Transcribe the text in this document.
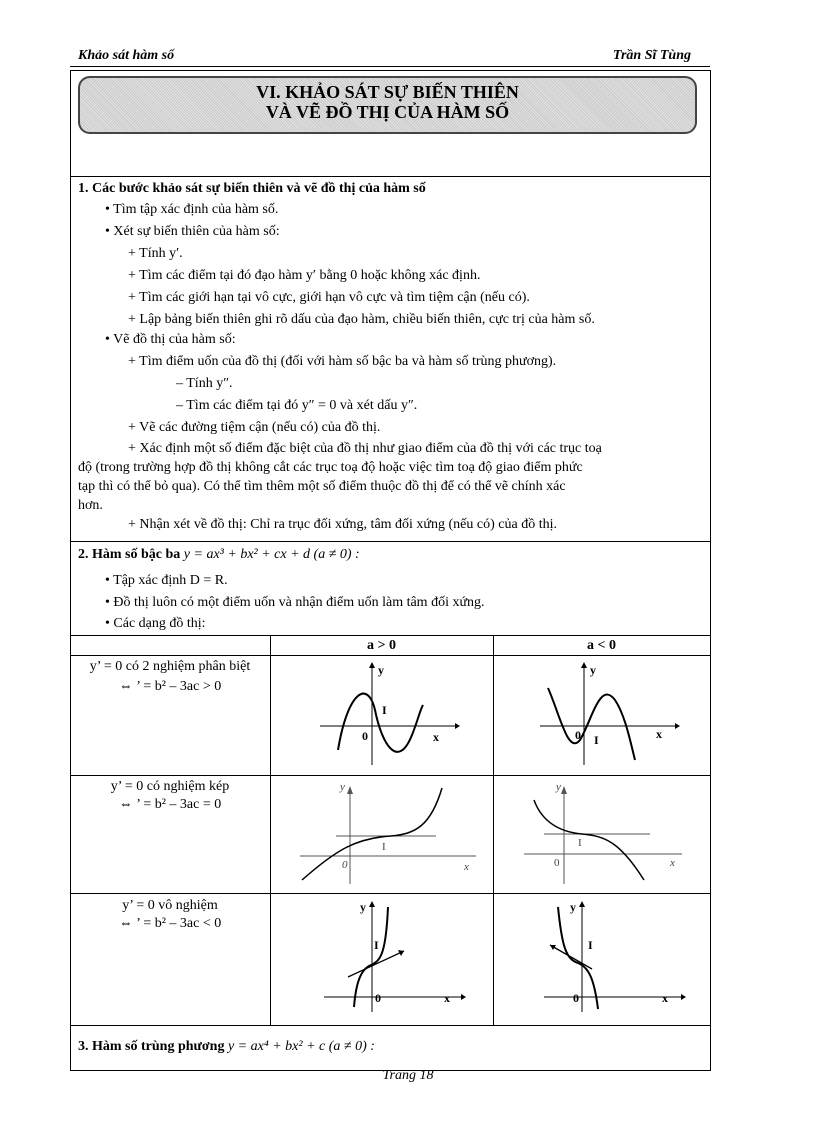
Khảo sát hàm số	Trần Sĩ Tùng
VI. KHẢO SÁT SỰ BIẾN THIÊN
VÀ VẼ ĐỒ THỊ CỦA HÀM SỐ
1. Các bước khảo sát sự biến thiên và vẽ đồ thị của hàm số
• Tìm tập xác định của hàm số.
• Xét sự biến thiên của hàm số:
+ Tính y′.
+ Tìm các điểm tại đó đạo hàm y′ bằng 0 hoặc không xác định.
+ Tìm các giới hạn tại vô cực, giới hạn vô cực và tìm tiệm cận (nếu có).
+ Lập bảng biến thiên ghi rõ dấu của đạo hàm, chiều biến thiên, cực trị của hàm số.
• Vẽ đồ thị của hàm số:
+ Tìm điểm uốn của đồ thị (đối với hàm số bậc ba và hàm số trùng phương).
– Tính y″.
– Tìm các điểm tại đó y″ = 0 và xét dấu y″.
+ Vẽ các đường tiệm cận (nếu có) của đồ thị.
+ Xác định một số điểm đặc biệt của đồ thị như giao điểm của đồ thị với các trục toạ
độ (trong trường hợp đồ thị không cắt các trục toạ độ hoặc việc tìm toạ độ giao điểm phức
tạp thì có thể bỏ qua). Có thể tìm thêm một số điểm thuộc đồ thị để có thể vẽ chính xác
hơn.
+ Nhận xét về đồ thị: Chỉ ra trục đối xứng, tâm đối xứng (nếu có) của đồ thị.
2. Hàm số bậc ba y = ax³ + bx² + cx + d (a ≠ 0) :
• Tập xác định D = R.
• Đồ thị luôn có một điểm uốn và nhận điểm uốn làm tâm đối xứng.
• Các dạng đồ thị:
a > 0	a < 0
y’ = 0 có 2 nghiệm phân biệt
⇔ ’ = b² – 3ac > 0
y’ = 0 có nghiệm kép
⇔ ’ = b² – 3ac = 0
y’ = 0 vô nghiệm
⇔ ’ = b² – 3ac < 0
y
x
0
I
y
x
0 I
y
x
0
I
y
x
0
I
y
x
0
I
y
x
0
I
3. Hàm số trùng phương y = ax⁴ + bx² + c (a ≠ 0) :
Trang 18
